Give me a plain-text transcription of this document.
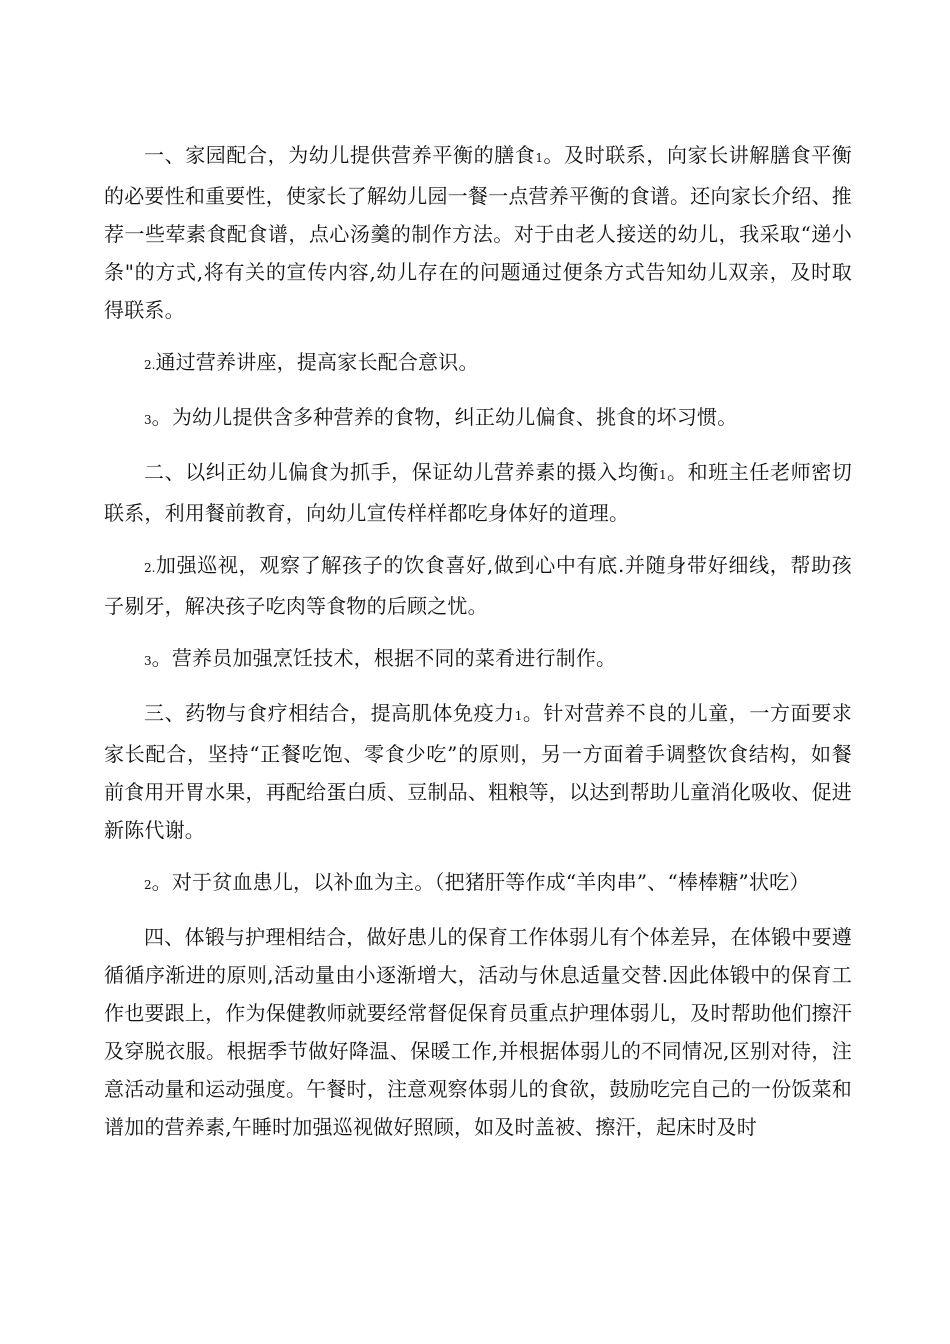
一、家园配合，为幼儿提供营养平衡的膳食1。及时联系，向家长讲解膳食平衡的必要性和重要性，使家长了解幼儿园一餐一点营养平衡的食谱。还向家长介绍、推荐一些荤素食配食谱，点心汤羹的制作方法。对于由老人接送的幼儿，我采取“递小条"的方式,将有关的宣传内容,幼儿存在的问题通过便条方式告知幼儿双亲，及时取得联系。

2.通过营养讲座，提高家长配合意识。

3。为幼儿提供含多种营养的食物，纠正幼儿偏食、挑食的坏习惯。

二、以纠正幼儿偏食为抓手，保证幼儿营养素的摄入均衡1。和班主任老师密切联系，利用餐前教育，向幼儿宣传样样都吃身体好的道理。

2.加强巡视，观察了解孩子的饮食喜好,做到心中有底.并随身带好细线，帮助孩子剔牙，解决孩子吃肉等食物的后顾之忧。

3。营养员加强烹饪技术，根据不同的菜肴进行制作。

三、药物与食疗相结合，提高肌体免疫力1。针对营养不良的儿童，一方面要求家长配合，坚持“正餐吃饱、零食少吃”的原则，另一方面着手调整饮食结构，如餐前食用开胃水果，再配给蛋白质、豆制品、粗粮等，以达到帮助儿童消化吸收、促进新陈代谢。

2。对于贫血患儿，以补血为主。（把猪肝等作成“羊肉串”、“棒棒糖”状吃）

四、体锻与护理相结合，做好患儿的保育工作体弱儿有个体差异，在体锻中要遵循循序渐进的原则,活动量由小逐渐增大，活动与休息适量交替.因此体锻中的保育工作也要跟上，作为保健教师就要经常督促保育员重点护理体弱儿，及时帮助他们擦汗及穿脱衣服。根据季节做好降温、保暖工作,并根据体弱儿的不同情况,区别对待，注意活动量和运动强度。午餐时，注意观察体弱儿的食欲，鼓励吃完自己的一份饭菜和谱加的营养素,午睡时加强巡视做好照顾，如及时盖被、擦汗，起床时及时
